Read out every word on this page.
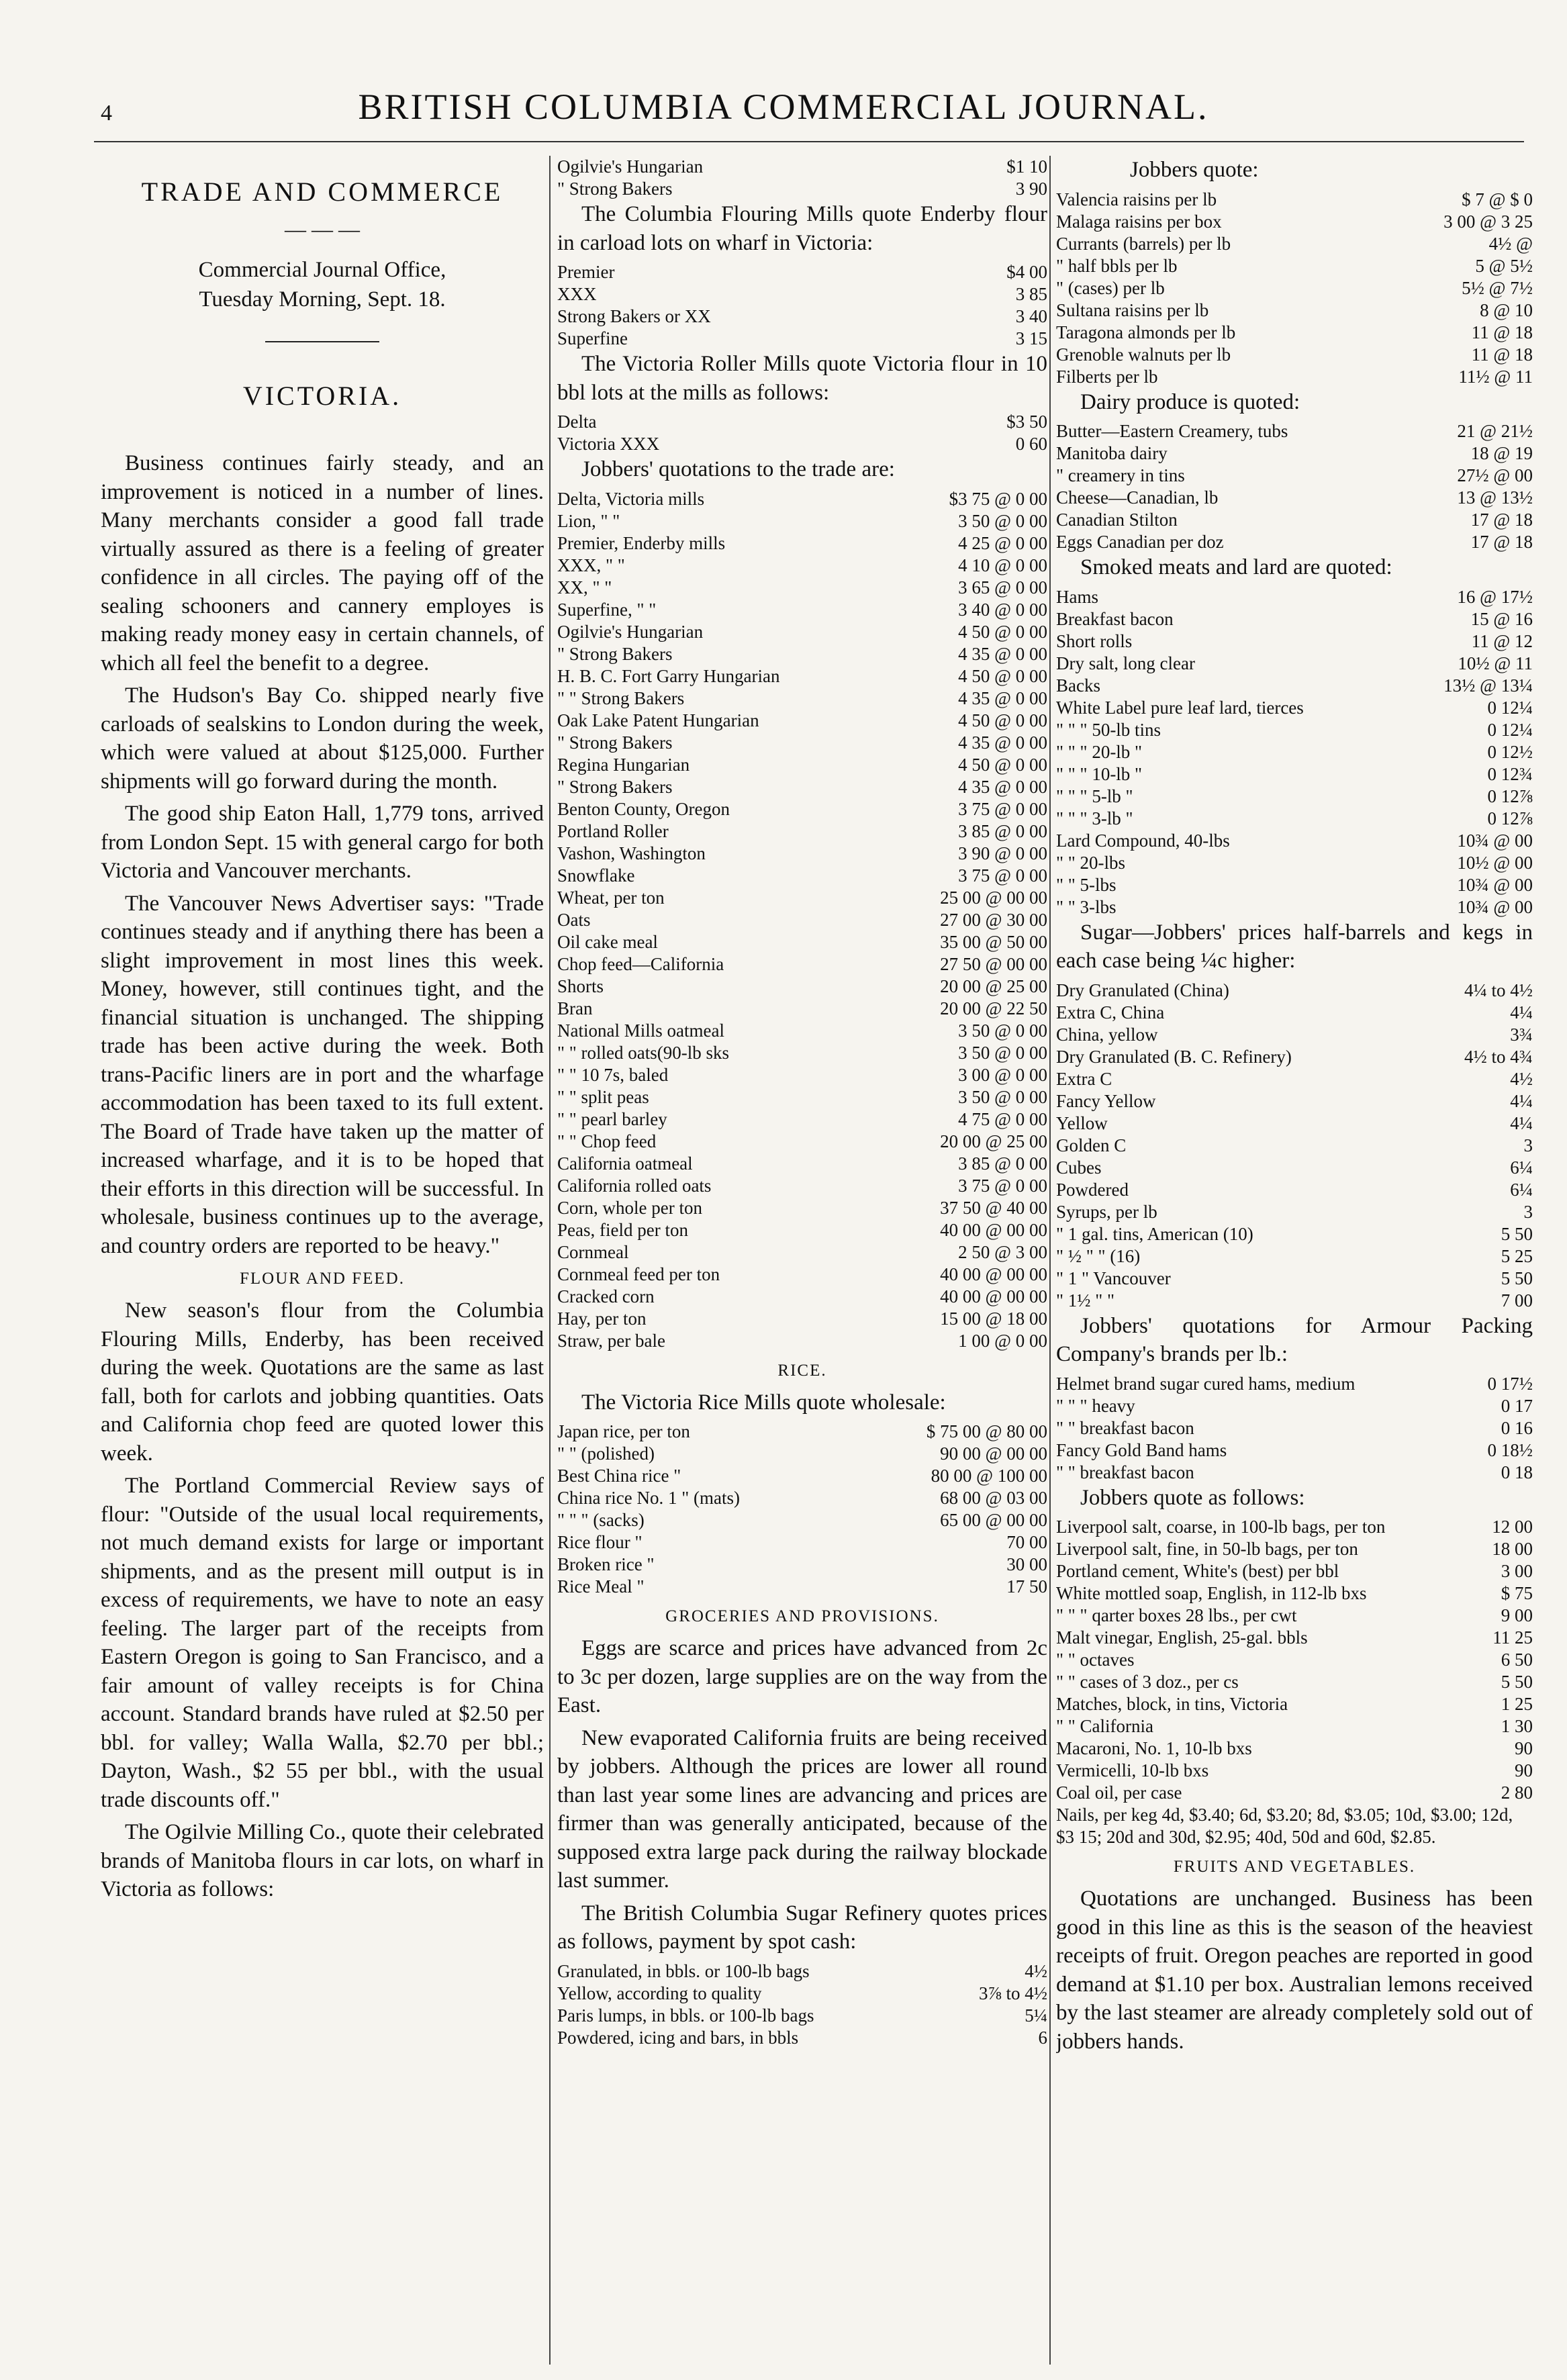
4	BRITISH COLUMBIA COMMERCIAL JOURNAL.
TRADE AND COMMERCE
— — —
Commercial Journal Office,
Tuesday Morning, Sept. 18.
VICTORIA.

Business continues fairly steady, and an improvement is noticed in a number of lines. Many merchants consider a good fall trade virtually assured as there is a feeling of greater confidence in all circles. The paying off of the sealing schooners and cannery employes is making ready money easy in certain channels, of which all feel the benefit to a degree.

The Hudson's Bay Co. shipped nearly five carloads of sealskins to London during the week, which were valued at about $125,000. Further shipments will go forward during the month.

The good ship Eaton Hall, 1,779 tons, arrived from London Sept. 15 with general cargo for both Victoria and Vancouver merchants.

The Vancouver News Advertiser says: "Trade continues steady and if anything there has been a slight improvement in most lines this week. Money, however, still continues tight, and the financial situation is unchanged. The shipping trade has been active during the week. Both trans-Pacific liners are in port and the wharfage accommodation has been taxed to its full extent. The Board of Trade have taken up the matter of increased wharfage, and it is to be hoped that their efforts in this direction will be successful. In wholesale, business continues up to the average, and country orders are reported to be heavy."

FLOUR AND FEED.

New season's flour from the Columbia Flouring Mills, Enderby, has been received during the week. Quotations are the same as last fall, both for carlots and jobbing quantities. Oats and California chop feed are quoted lower this week.

The Portland Commercial Review says of flour: "Outside of the usual local requirements, not much demand exists for large or important shipments, and as the present mill output is in excess of requirements, we have to note an easy feeling. The larger part of the receipts from Eastern Oregon is going to San Francisco, and a fair amount of valley receipts is for China account. Standard brands have ruled at $2.50 per bbl. for valley; Walla Walla, $2.70 per bbl.; Dayton, Wash., $2 55 per bbl., with the usual trade discounts off."

The Ogilvie Milling Co., quote their celebrated brands of Manitoba flours in car lots, on wharf in Victoria as follows:

Ogilvie's Hungarian	$1 10
" Strong Bakers	3 90

The Columbia Flouring Mills quote Enderby flour in carload lots on wharf in Victoria:

Premier	$4 00
XXX	3 85
Strong Bakers or XX	3 40
Superfine	3 15

The Victoria Roller Mills quote Victoria flour in 10 bbl lots at the mills as follows:

Delta	$3 50
Victoria XXX	0 60

Jobbers' quotations to the trade are:

Delta, Victoria mills	$3 75 @ 0 00
Lion, " "	3 50 @ 0 00
Premier, Enderby mills	4 25 @ 0 00
XXX, " "	4 10 @ 0 00
XX, " "	3 65 @ 0 00
Superfine, " "	3 40 @ 0 00
Ogilvie's Hungarian	4 50 @ 0 00
" Strong Bakers	4 35 @ 0 00
H. B. C. Fort Garry Hungarian	4 50 @ 0 00
" " Strong Bakers	4 35 @ 0 00
Oak Lake Patent Hungarian	4 50 @ 0 00
" Strong Bakers	4 35 @ 0 00
Regina Hungarian	4 50 @ 0 00
" Strong Bakers	4 35 @ 0 00
Benton County, Oregon	3 75 @ 0 00
Portland Roller	3 85 @ 0 00
Vashon, Washington	3 90 @ 0 00
Snowflake	3 75 @ 0 00
Wheat, per ton	25 00 @ 00 00
Oats	27 00 @ 30 00
Oil cake meal	35 00 @ 50 00
Chop feed—California	27 50 @ 00 00
Shorts	20 00 @ 25 00
Bran	20 00 @ 22 50
National Mills oatmeal	3 50 @ 0 00
" " rolled oats(90-lb sks	3 50 @ 0 00
" " 10 7s, baled	3 00 @ 0 00
" " split peas	3 50 @ 0 00
" " pearl barley	4 75 @ 0 00
" " Chop feed	20 00 @ 25 00
California oatmeal	3 85 @ 0 00
California rolled oats	3 75 @ 0 00
Corn, whole per ton	37 50 @ 40 00
Peas, field per ton	40 00 @ 00 00
Cornmeal	2 50 @ 3 00
Cornmeal feed per ton	40 00 @ 00 00
Cracked corn	40 00 @ 00 00
Hay, per ton	15 00 @ 18 00
Straw, per bale	1 00 @ 0 00
RICE.

The Victoria Rice Mills quote wholesale:

Japan rice, per ton	$ 75 00 @ 80 00
" " (polished)	90 00 @ 00 00
Best China rice "	80 00 @ 100 00
China rice No. 1 " (mats)	68 00 @ 03 00
" " " (sacks)	65 00 @ 00 00
Rice flour "	70 00
Broken rice "	30 00
Rice Meal "	17 50
GROCERIES AND PROVISIONS.

Eggs are scarce and prices have advanced from 2c to 3c per dozen, large supplies are on the way from the East.

New evaporated California fruits are being received by jobbers. Although the prices are lower all round than last year some lines are advancing and prices are firmer than was generally anticipated, because of the supposed extra large pack during the railway blockade last summer.

The British Columbia Sugar Refinery quotes prices as follows, payment by spot cash:

Granulated, in bbls. or 100-lb bags	4½
Yellow, according to quality	3⅞ to 4½
Paris lumps, in bbls. or 100-lb bags	5¼
Powdered, icing and bars, in bbls	6

Jobbers quote:

Valencia raisins per lb	$ 7 @ $ 0
Malaga raisins per box	3 00 @ 3 25
Currants (barrels) per lb	4½ @
" half bbls per lb	5 @ 5½
" (cases) per lb	5½ @ 7½
Sultana raisins per lb	8 @ 10
Taragona almonds per lb	11 @ 18
Grenoble walnuts per lb	11 @ 18
Filberts per lb	11½ @ 11

Dairy produce is quoted:

Butter—Eastern Creamery, tubs	21 @ 21½
Manitoba dairy	18 @ 19
" creamery in tins	27½ @ 00
Cheese—Canadian, lb	13 @ 13½
Canadian Stilton	17 @ 18
Eggs Canadian per doz	17 @ 18

Smoked meats and lard are quoted:

Hams	16 @ 17½
Breakfast bacon	15 @ 16
Short rolls	11 @ 12
Dry salt, long clear	10½ @ 11
Backs	13½ @ 13¼
White Label pure leaf lard, tierces	0 12¼
" " " 50-lb tins	0 12¼
" " " 20-lb "	0 12½
" " " 10-lb "	0 12¾
" " " 5-lb "	0 12⅞
" " " 3-lb "	0 12⅞
Lard Compound, 40-lbs	10¾ @ 00
" " 20-lbs	10½ @ 00
" " 5-lbs	10¾ @ 00
" " 3-lbs	10¾ @ 00

Sugar—Jobbers' prices half-barrels and kegs in each case being ¼c higher:

Dry Granulated (China)	4¼ to 4½
Extra C, China	4¼
China, yellow	3¾
Dry Granulated (B. C. Refinery)	4½ to 4¾
Extra C	4½
Fancy Yellow	4¼
Yellow	4¼
Golden C	3
Cubes	6¼
Powdered	6¼
Syrups, per lb	3
" 1 gal. tins, American (10)	5 50
" ½ " " (16)	5 25
" 1 " Vancouver	5 50
" 1½ " "	7 00

Jobbers' quotations for Armour Packing Company's brands per lb.:

Helmet brand sugar cured hams, medium	0 17½
" " " heavy	0 17
" " breakfast bacon	0 16
Fancy Gold Band hams	0 18½
" " breakfast bacon	0 18

Jobbers quote as follows:

Liverpool salt, coarse, in 100-lb bags, per ton	12 00
Liverpool salt, fine, in 50-lb bags, per ton	18 00
Portland cement, White's (best) per bbl	3 00
White mottled soap, English, in 112-lb bxs	$ 75
" " " qarter boxes 28 lbs., per cwt	9 00
Malt vinegar, English, 25-gal. bbls	11 25
" " octaves	6 50
" " cases of 3 doz., per cs	5 50
Matches, block, in tins, Victoria	1 25
" " California	1 30
Macaroni, No. 1, 10-lb bxs	90
Vermicelli, 10-lb bxs	90
Coal oil, per case	2 80
Nails, per keg 4d, $3.40; 6d, $3.20; 8d, $3.05; 10d, $3.00; 12d, $3 15; 20d and 30d, $2.95; 40d, 50d and 60d, $2.85.
FRUITS AND VEGETABLES.

Quotations are unchanged. Business has been good in this line as this is the season of the heaviest receipts of fruit. Oregon peaches are reported in good demand at $1.10 per box. Australian lemons received by the last steamer are already completely sold out of jobbers hands.
